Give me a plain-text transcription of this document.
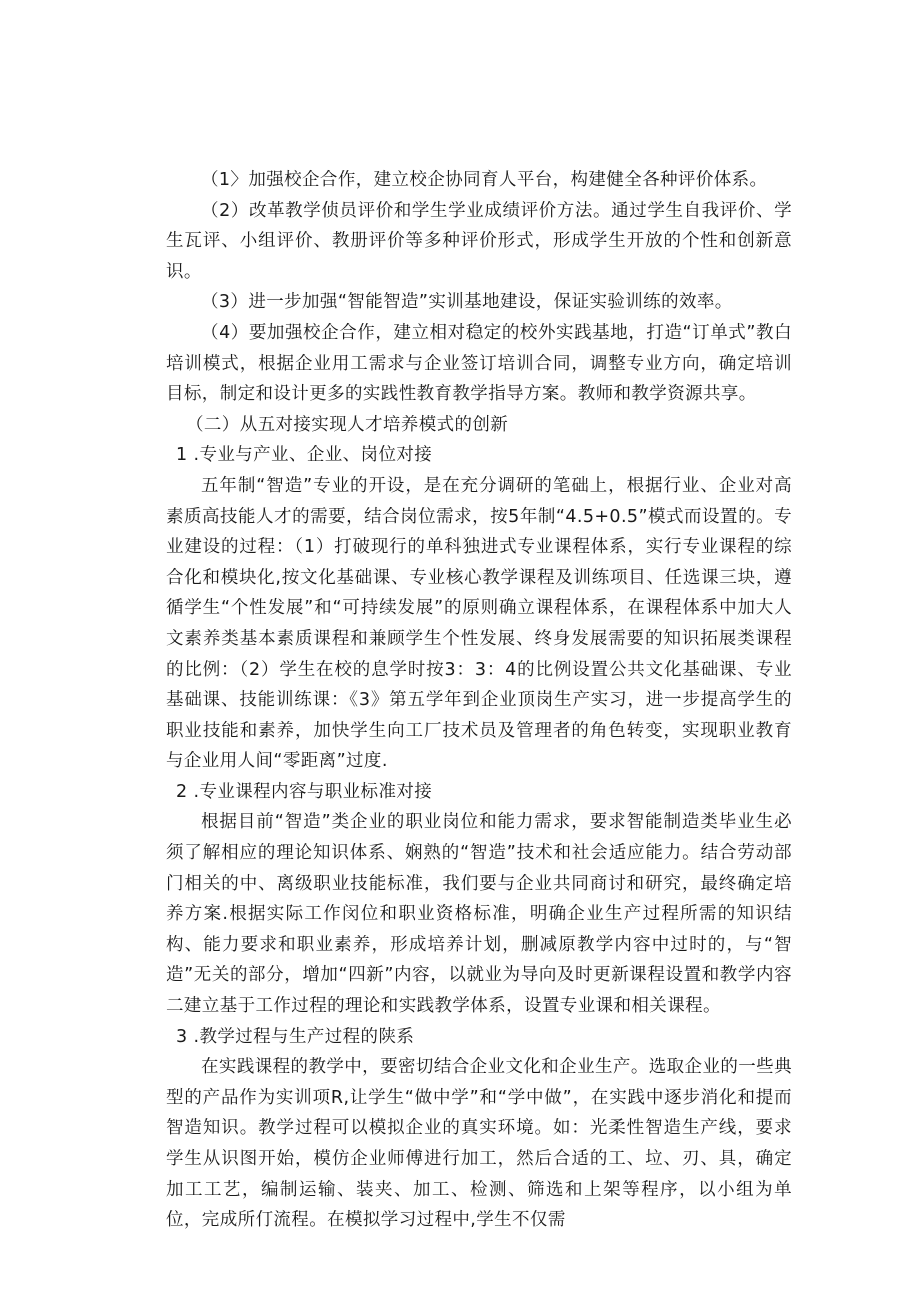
（1〉加强校企合作，建立校企协同育人平台，构建健全各种评价体系。

（2）改革教学侦员评价和学生学业成绩评价方法。通过学生自我评价、学生瓦评、小组评价、教册评价等多种评价形式，形成学生开放的个性和创新意识。

（3）进一步加强“智能智造”实训基地建设，保证实验训练的效率。

（4）要加强校企合作，建立相对稳定的校外实践基地，打造“订单式”教白培训模式，根据企业用工需求与企业签订培训合同，调整专业方向，确定培训目标，制定和设计更多的实践性教育教学指导方案。教师和教学资源共享。

（二）从五对接实现人才培养模式的创新

1 .专业与产业、企业、岗位对接

五年制“智造”专业的开设，是在充分调研的笔础上，根据行业、企业对高素质高技能人才的需要，结合岗位需求，按5年制“4.5+0.5”模式而设置的。专业建设的过程：（1）打破现行的单科独进式专业课程体系，实行专业课程的综合化和模块化,按文化基础课、专业核心教学课程及训练项目、任选课三块，遵循学生“个性发展”和“可持续发展”的原则确立课程体系，在课程体系中加大人文素养类基本素质课程和兼顾学生个性发展、终身发展需要的知识拓展类课程的比例：（2）学生在校的息学时按3：3：4的比例设置公共文化基础课、专业基础课、技能训练课：《3》第五学年到企业顶岗生产实习，进一步提高学生的职业技能和素养，加快学生向工厂技术员及管理者的角色转变，实现职业教育与企业用人间“零距离”过度.

2 .专业课程内容与职业标准对接

根据目前“智造”类企业的职业岗位和能力需求，要求智能制造类毕业生必须了解相应的理论知识体系、娴熟的“智造”技术和社会适应能力。结合劳动部门相关的中、离级职业技能标准，我们要与企业共同商讨和研究，最终确定培养方案.根据实际工作闵位和职业资格标准，明确企业生产过程所需的知识结构、能力要求和职业素养，形成培养计划，删减原教学内容中过时的，与“智造”无关的部分，增加“四新”内容，以就业为导向及时更新课程设置和教学内容二建立基于工作过程的理论和实践教学体系，设置专业课和相关课程。

3 .教学过程与生产过程的陕系

在实践课程的教学中，要密切结合企业文化和企业生产。选取企业的一些典型的产品作为实训项R,让学生“做中学”和“学中做”，在实践中逐步消化和提而智造知识。教学过程可以模拟企业的真实环境。如：光柔性智造生产线，要求学生从识图开始，模仿企业师傅进行加工，然后合适的工、垃、刃、具，确定加工工艺，编制运输、装夹、加工、检测、筛选和上架等程序，以小组为单位，完成所仃流程。在模拟学习过程中,学生不仅需
